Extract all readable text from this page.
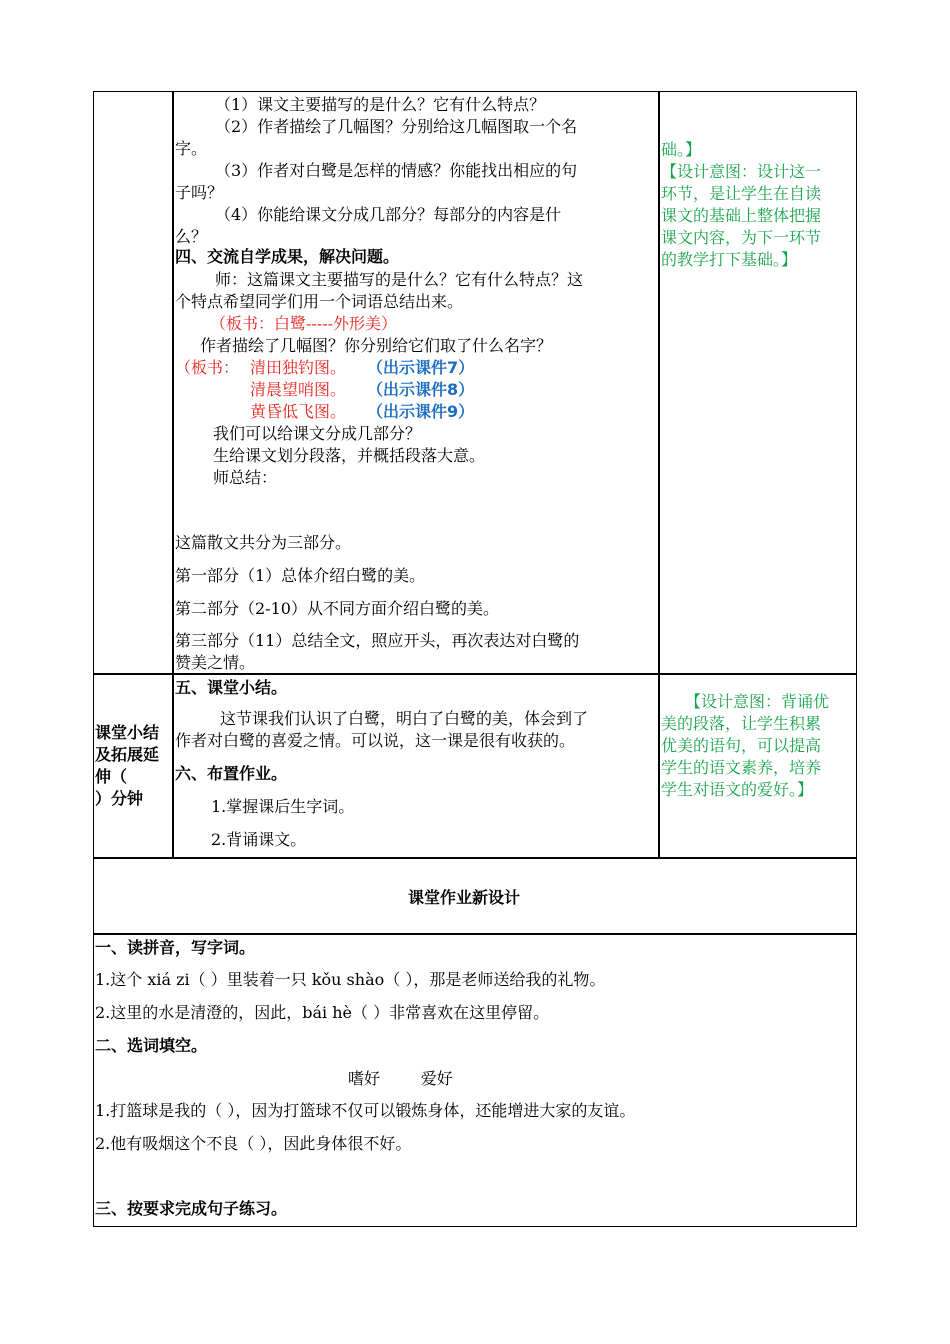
（1）课文主要描写的是什么？它有什么特点？
（2）作者描绘了几幅图？分别给这几幅图取一个名
字。
（3）作者对白鹭是怎样的情感？你能找出相应的句
子吗？
（4）你能给课文分成几部分？每部分的内容是什
么？
四、交流自学成果，解决问题。
师：这篇课文主要描写的是什么？它有什么特点？这
个特点希望同学们用一个词语总结出来。
（板书：白鹭-----外形美）
作者描绘了几幅图？你分别给它们取了什么名字？
（板书： 清田独钓图。 （出示课件7）
清晨望哨图。 （出示课件8）
黄昏低飞图。 （出示课件9）
我们可以给课文分成几部分？
生给课文划分段落，并概括段落大意。
师总结：
这篇散文共分为三部分。
第一部分（1）总体介绍白鹭的美。
第二部分（2-10）从不同方面介绍白鹭的美。
第三部分（11）总结全文，照应开头，再次表达对白鹭的
赞美之情。
础。】
【设计意图：设计这一
环节，是让学生在自读
课文的基础上整体把握
课文内容，为下一环节
的教学打下基础。】
课堂小结
及拓展延
伸（
）分钟
五、课堂小结。
这节课我们认识了白鹭，明白了白鹭的美，体会到了
作者对白鹭的喜爱之情。可以说，这一课是很有收获的。
六、布置作业。
1.掌握课后生字词。
2.背诵课文。
【设计意图：背诵优
美的段落，让学生积累
优美的语句，可以提高
学生的语文素养，培养
学生对语文的爱好。】
课堂作业新设计
一、读拼音，写字词。
1.这个 xiá zi（ ）里装着一只 kǒu shào（ ），那是老师送给我的礼物。
2.这里的水是清澄的，因此，bái hè（ ）非常喜欢在这里停留。
二、选词填空。
嗜好        爱好
1.打篮球是我的（ ），因为打篮球不仅可以锻炼身体，还能增进大家的友谊。
2.他有吸烟这个不良（ ），因此身体很不好。
三、按要求完成句子练习。
